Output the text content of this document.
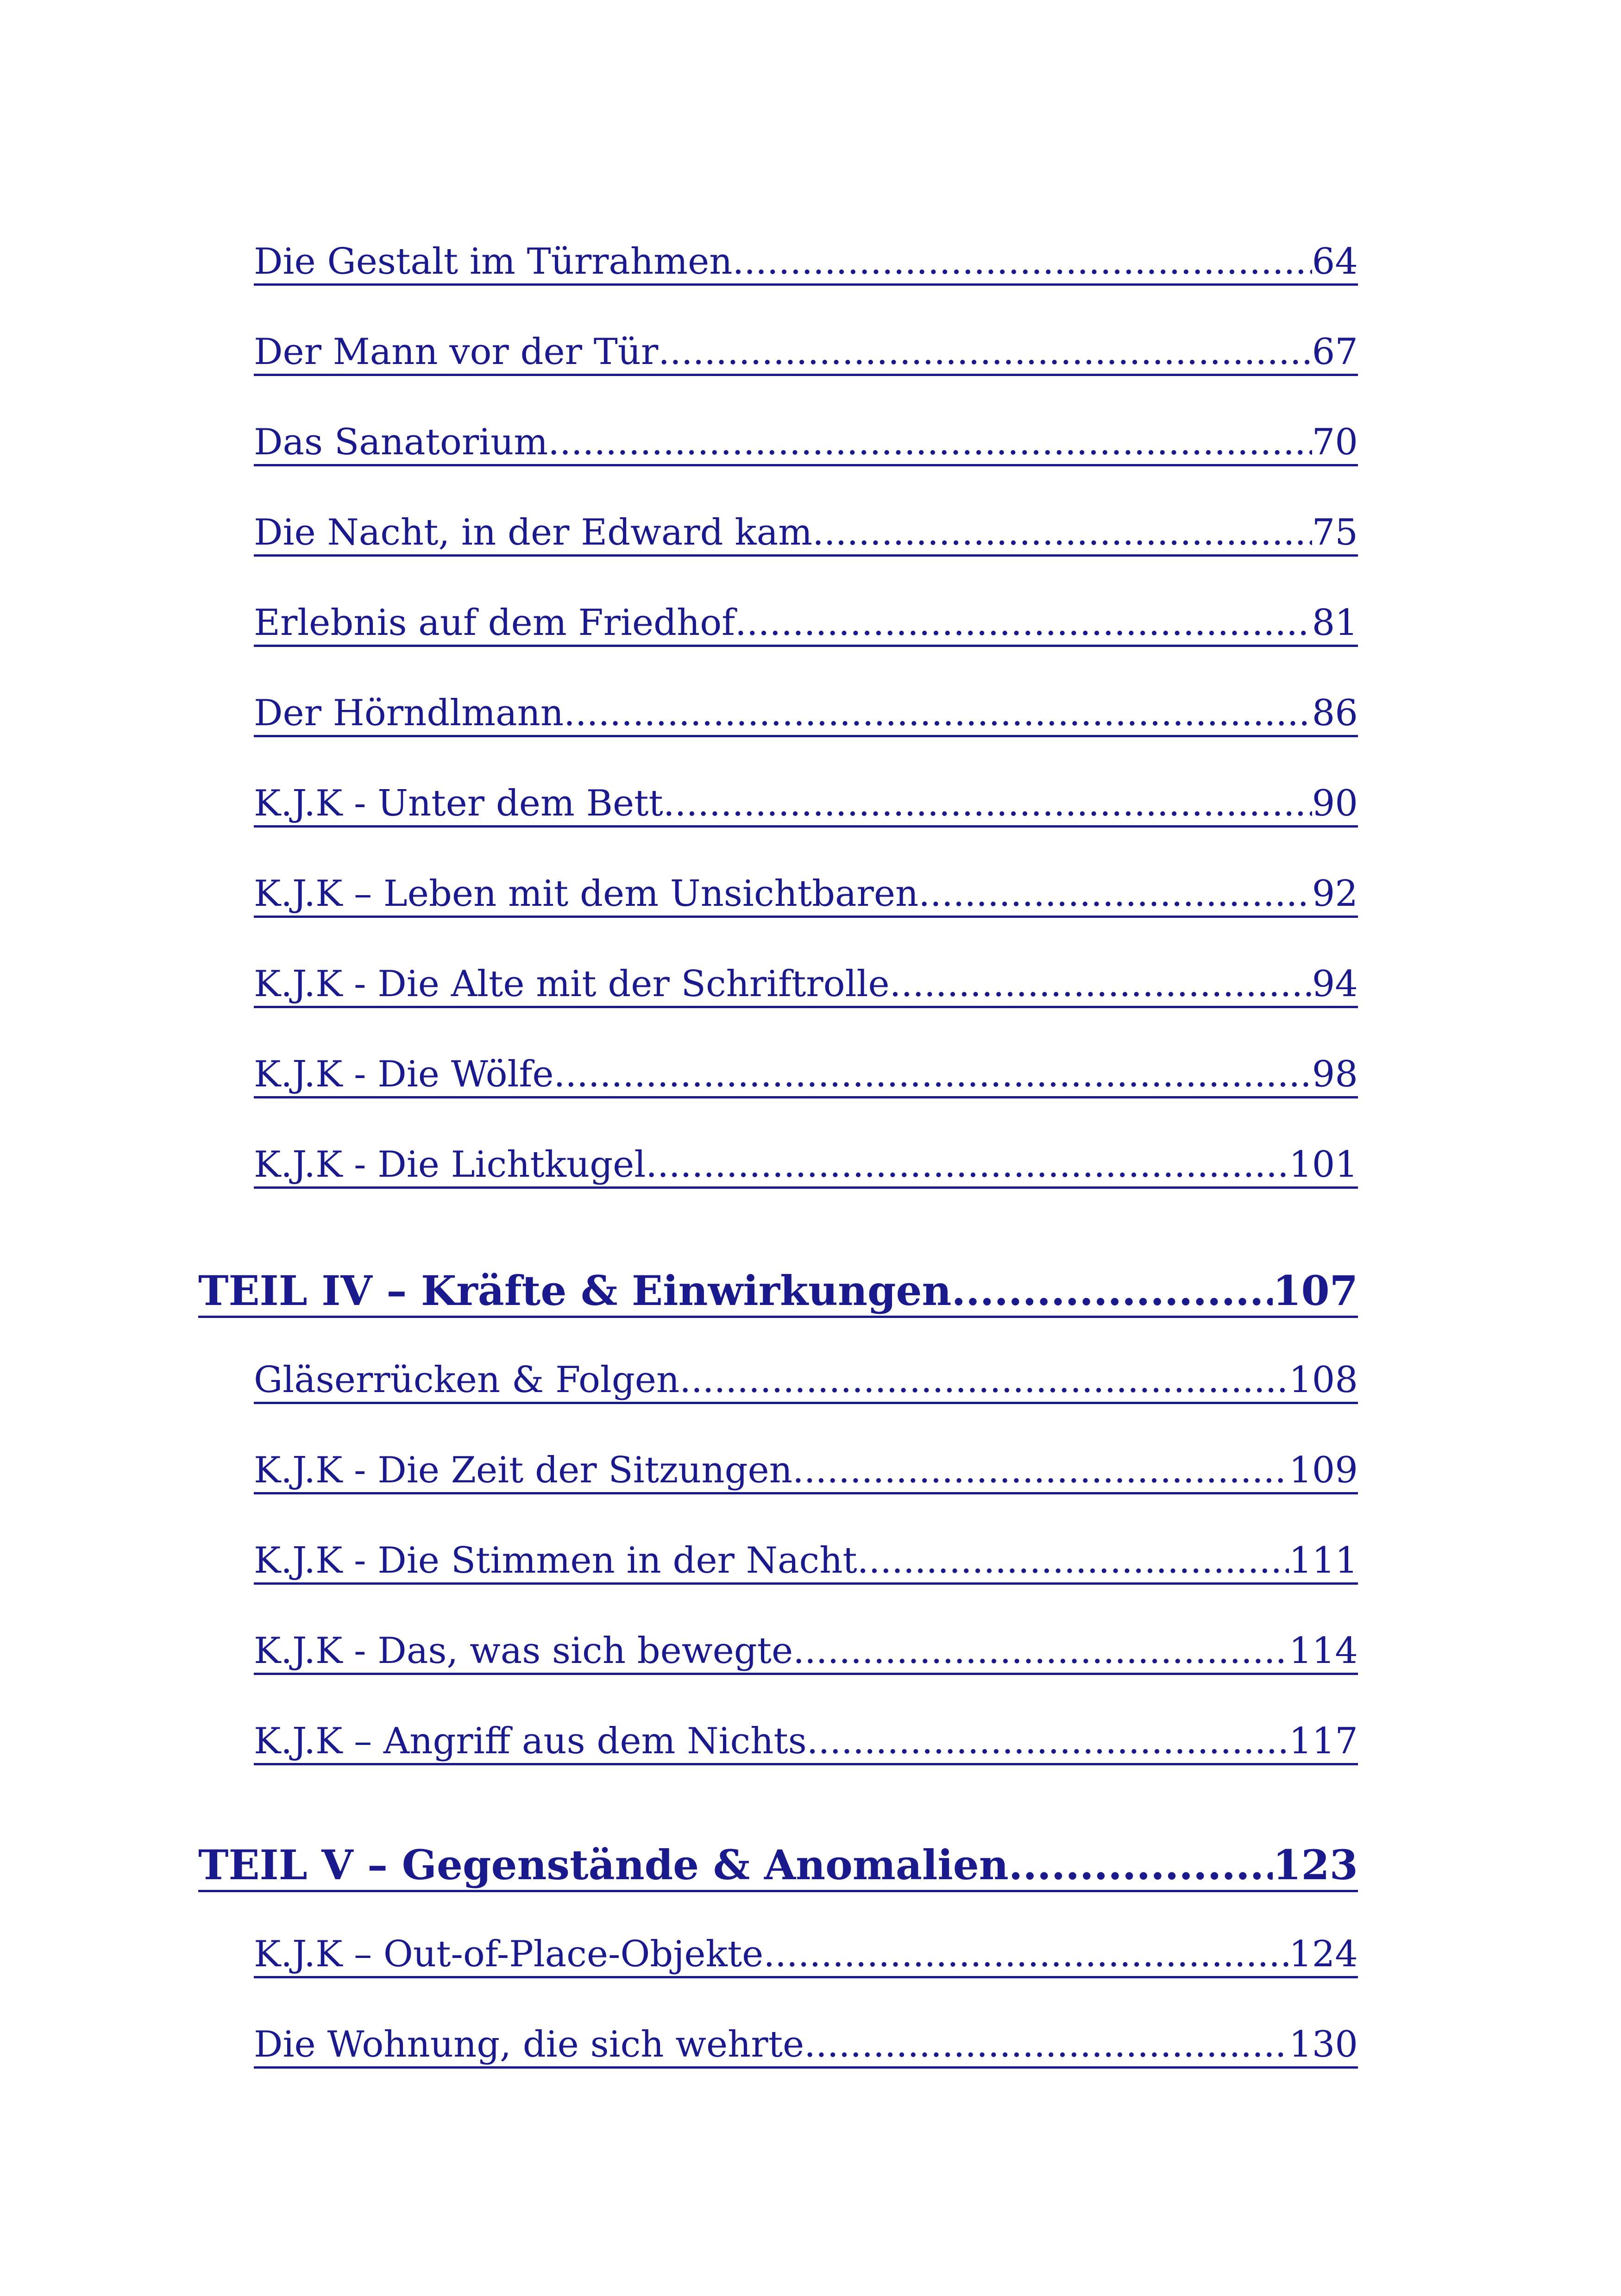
Die Gestalt im Türrahmen .....	64
Der Mann vor der Tür .....	67
Das Sanatorium .....	70
Die Nacht, in der Edward kam .....	75
Erlebnis auf dem Friedhof .....	81
Der Hörndlmann .....	86
K.J.K - Unter dem Bett .....	90
K.J.K – Leben mit dem Unsichtbaren .....	92
K.J.K - Die Alte mit der Schriftrolle .....	94
K.J.K - Die Wölfe .....	98
K.J.K - Die Lichtkugel .....	101
TEIL IV – Kräfte & Einwirkungen .....	107
Gläserrücken & Folgen .....	108
K.J.K - Die Zeit der Sitzungen .....	109
K.J.K - Die Stimmen in der Nacht .....	111
K.J.K - Das, was sich bewegte .....	114
K.J.K – Angriff aus dem Nichts .....	117
TEIL V – Gegenstände & Anomalien .....	123
K.J.K – Out-of-Place-Objekte .....	124
Die Wohnung, die sich wehrte .....	130
